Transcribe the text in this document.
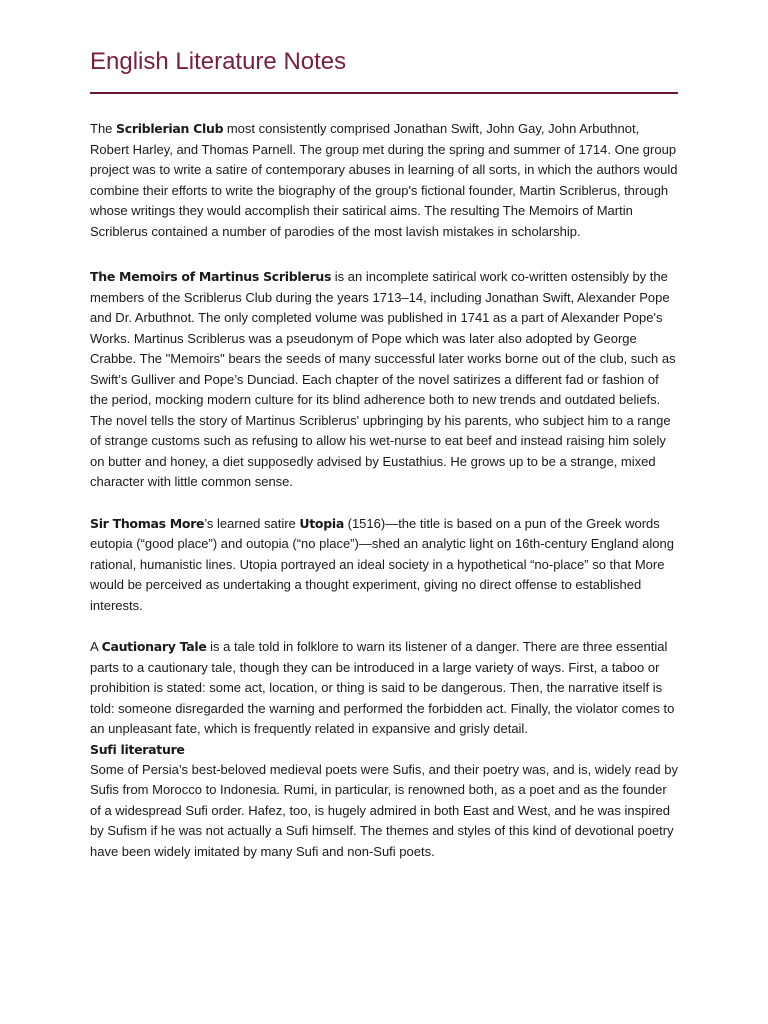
English Literature Notes

The Scriblerian Club most consistently comprised Jonathan Swift, John Gay, John Arbuthnot, Robert Harley, and Thomas Parnell. The group met during the spring and summer of 1714. One group project was to write a satire of contemporary abuses in learning of all sorts, in which the authors would combine their efforts to write the biography of the group's fictional founder, Martin Scriblerus, through whose writings they would accomplish their satirical aims. The resulting The Memoirs of Martin Scriblerus contained a number of parodies of the most lavish mistakes in scholarship.

The Memoirs of Martinus Scriblerus is an incomplete satirical work co-written ostensibly by the members of the Scriblerus Club during the years 1713–14, including Jonathan Swift, Alexander Pope and Dr. Arbuthnot. The only completed volume was published in 1741 as a part of Alexander Pope's Works. Martinus Scriblerus was a pseudonym of Pope which was later also adopted by George Crabbe. The "Memoirs" bears the seeds of many successful later works borne out of the club, such as Swift’s Gulliver and Pope’s Dunciad. Each chapter of the novel satirizes a different fad or fashion of the period, mocking modern culture for its blind adherence both to new trends and outdated beliefs. The novel tells the story of Martinus Scriblerus' upbringing by his parents, who subject him to a range of strange customs such as refusing to allow his wet-nurse to eat beef and instead raising him solely on butter and honey, a diet supposedly advised by Eustathius. He grows up to be a strange, mixed character with little common sense.

Sir Thomas More’s learned satire Utopia (1516)—the title is based on a pun of the Greek words eutopia (“good place”) and outopia (“no place”)—shed an analytic light on 16th-century England along rational, humanistic lines. Utopia portrayed an ideal society in a hypothetical “no-place” so that More would be perceived as undertaking a thought experiment, giving no direct offense to established interests.

A Cautionary Tale is a tale told in folklore to warn its listener of a danger. There are three essential parts to a cautionary tale, though they can be introduced in a large variety of ways. First, a taboo or prohibition is stated: some act, location, or thing is said to be dangerous. Then, the narrative itself is told: someone disregarded the warning and performed the forbidden act. Finally, the violator comes to an unpleasant fate, which is frequently related in expansive and grisly detail.

Sufi literature

Some of Persia’s best-beloved medieval poets were Sufis, and their poetry was, and is, widely read by Sufis from Morocco to Indonesia. Rumi, in particular, is renowned both, as a poet and as the founder of a widespread Sufi order. Hafez, too, is hugely admired in both East and West, and he was inspired by Sufism if he was not actually a Sufi himself. The themes and styles of this kind of devotional poetry have been widely imitated by many Sufi and non-Sufi poets.
